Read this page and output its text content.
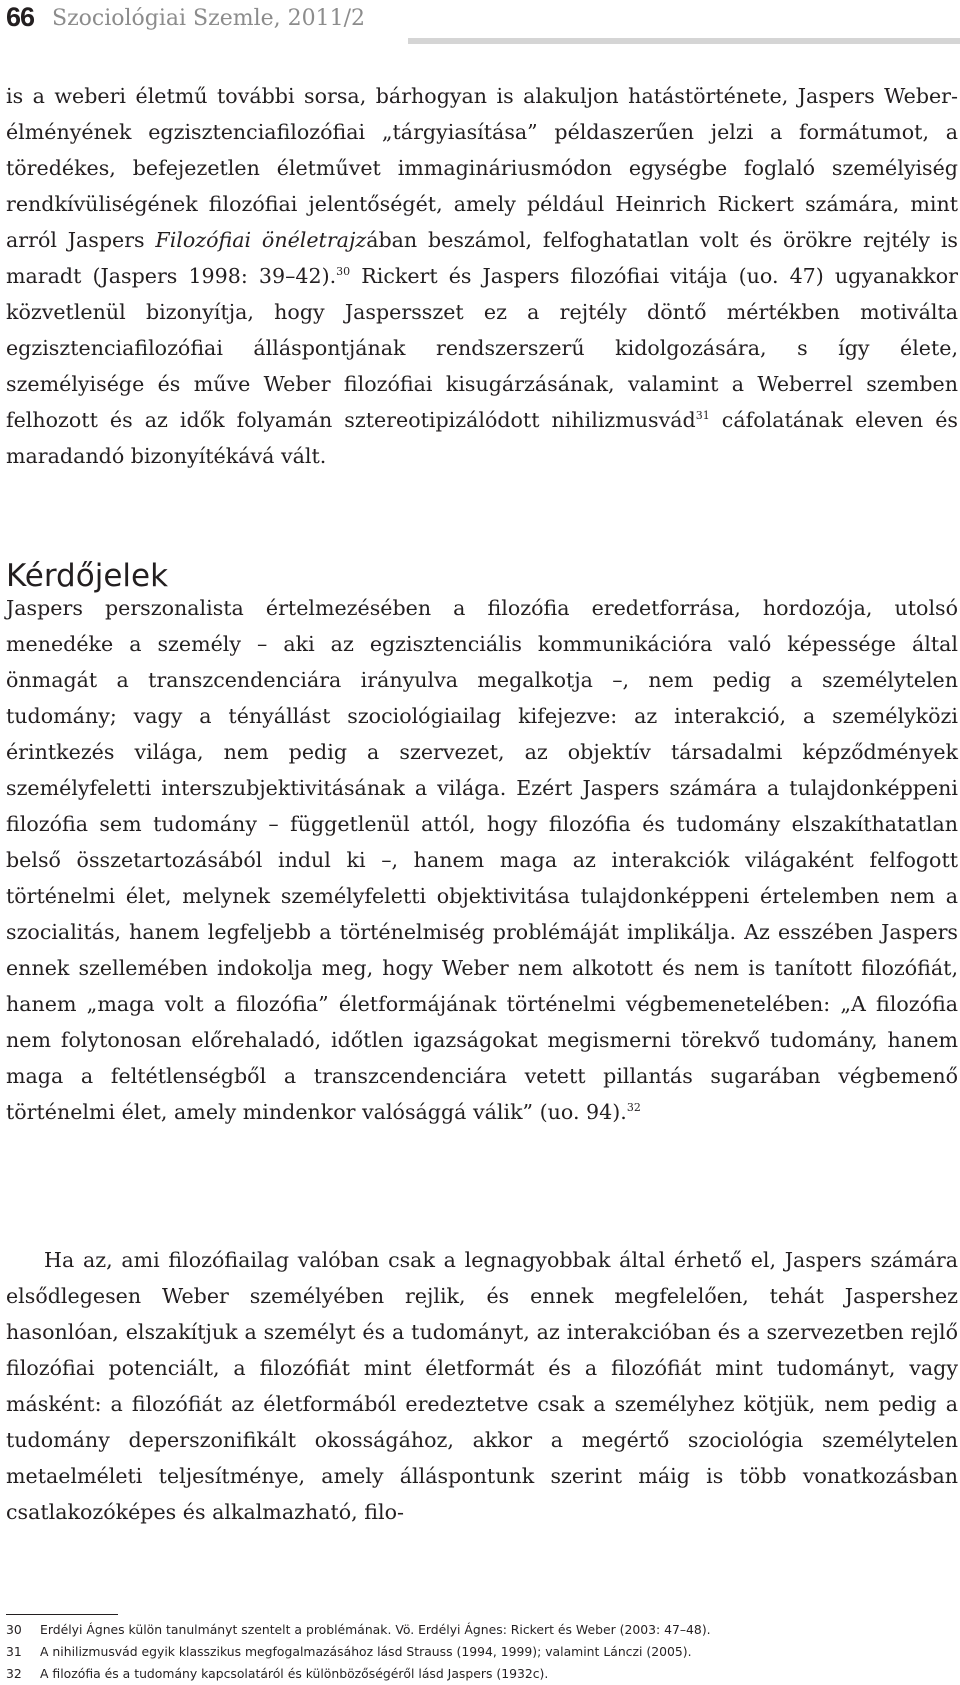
66 Szociológiai Szemle, 2011/2

is a weberi életmű további sorsa, bárhogyan is alakuljon hatástörténete, Jaspers Weber-élményének egzisztenciafilozófiai „tárgyiasítása” példaszerűen jelzi a formátumot, a töredékes, befejezetlen életművet immagináriusmódon egységbe foglaló személyiség rendkívüliségének filozófiai jelentőségét, amely például Heinrich Rickert számára, mint arról Jaspers Filozófiai önéletrajzában beszámol, felfoghatatlan volt és örökre rejtély is maradt (Jaspers 1998: 39–42).$^{30}$ Rickert és Jaspers filozófiai vitája (uo. 47) ugyanakkor közvetlenül bizonyítja, hogy Jaspersszet ez a rejtély döntő mértékben motiválta egzisztenciafilozófiai álláspontjának rendszerszerű kidolgozására, s így élete, személyisége és műve Weber filozófiai kisugárzásának, valamint a Weberrel szemben felhozott és az idők folyamán sztereotipizálódott nihilizmusvád$^{31}$ cáfolatának eleven és maradandó bizonyítékává vált.

Kérdőjelek

Jaspers perszonalista értelmezésében a filozófia eredetforrása, hordozója, utolsó menedéke a személy – aki az egzisztenciális kommunikációra való képessége által önmagát a transzcendenciára irányulva megalkotja –, nem pedig a személytelen tudomány; vagy a tényállást szociológiailag kifejezve: az interakció, a személyközi érintkezés világa, nem pedig a szervezet, az objektív társadalmi képződmények személyfeletti interszubjektivitásának a világa. Ezért Jaspers számára a tulajdonképpeni filozófia sem tudomány – függetlenül attól, hogy filozófia és tudomány elszakíthatatlan belső összetartozásából indul ki –, hanem maga az interakciók világaként felfogott történelmi élet, melynek személyfeletti objektivitása tulajdonképpeni értelemben nem a szocialitás, hanem legfeljebb a történelmiség problémáját implikálja. Az esszében Jaspers ennek szellemében indokolja meg, hogy Weber nem alkotott és nem is tanított filozófiát, hanem „maga volt a filozófia” életformájának történelmi végbemenetelében: „A filozófia nem folytonosan előrehaladó, időtlen igazságokat megismerni törekvő tudomány, hanem maga a feltétlenségből a transzcendenciára vetett pillantás sugarában végbemenő történelmi élet, amely mindenkor valósággá válik” (uo. 94).$^{32}$

Ha az, ami filozófiailag valóban csak a legnagyobbak által érhető el, Jaspers számára elsődlegesen Weber személyében rejlik, és ennek megfelelően, tehát Jaspershez hasonlóan, elszakítjuk a személyt és a tudományt, az interakcióban és a szervezetben rejlő filozófiai potenciált, a filozófiát mint életformát és a filozófiát mint tudományt, vagy másként: a filozófiát az életformából eredeztetve csak a személyhez kötjük, nem pedig a tudomány deperszonifikált okosságához, akkor a megértő szociológia személytelen metaelméleti teljesítménye, amely álláspontunk szerint máig is több vonatkozásban csatlakozóképes és alkalmazható, filo-

30 Erdélyi Ágnes külön tanulmányt szentelt a problémának. Vö. Erdélyi Ágnes: Rickert és Weber (2003: 47–48).
31 A nihilizmusvád egyik klasszikus megfogalmazásához lásd Strauss (1994, 1999); valamint Lánczi (2005).
32 A filozófia és a tudomány kapcsolatáról és különbözőségéről lásd Jaspers (1932c).
